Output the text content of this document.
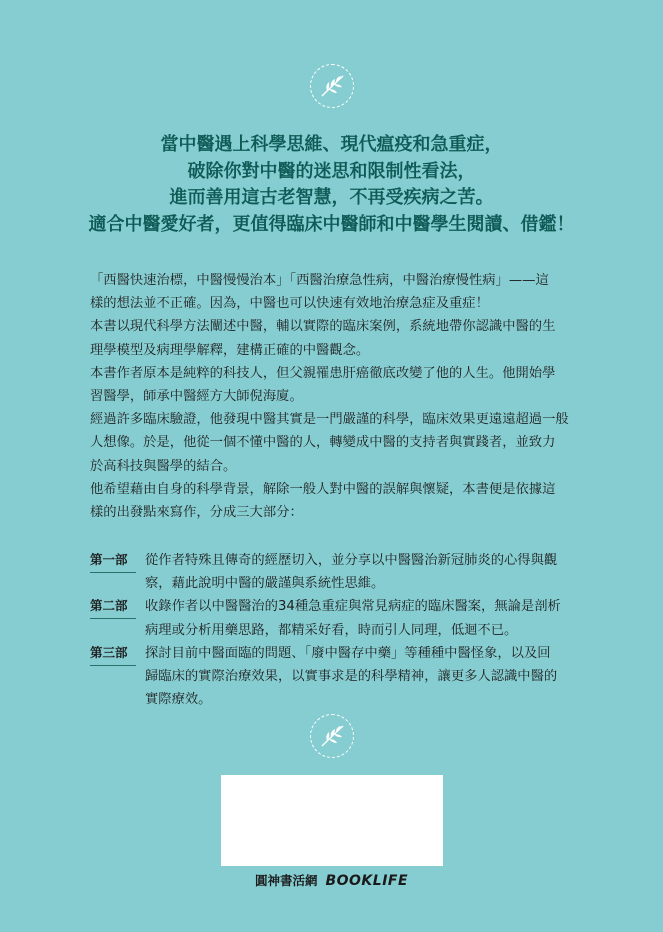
當中醫遇上科學思維、現代瘟疫和急重症，
破除你對中醫的迷思和限制性看法，
進而善用這古老智慧，不再受疾病之苦。
適合中醫愛好者，更值得臨床中醫師和中醫學生閱讀、借鑑！

「西醫快速治標，中醫慢慢治本」「西醫治療急性病，中醫治療慢性病」——這

樣的想法並不正確。因為，中醫也可以快速有效地治療急症及重症！

本書以現代科學方法闡述中醫，輔以實際的臨床案例，系統地帶你認識中醫的生

理學模型及病理學解釋，建構正確的中醫觀念。

本書作者原本是純粹的科技人，但父親罹患肝癌徹底改變了他的人生。他開始學

習醫學，師承中醫經方大師倪海廈。

經過許多臨床驗證，他發現中醫其實是一門嚴謹的科學，臨床效果更遠遠超過一般

人想像。於是，他從一個不懂中醫的人，轉變成中醫的支持者與實踐者，並致力

於高科技與醫學的結合。

他希望藉由自身的科學背景，解除一般人對中醫的誤解與懷疑，本書便是依據這

樣的出發點來寫作，分成三大部分：

第一部	從作者特殊且傳奇的經歷切入，並分享以中醫醫治新冠肺炎的心得與觀
察，藉此說明中醫的嚴謹與系統性思維。
第二部	收錄作者以中醫醫治的34種急重症與常見病症的臨床醫案，無論是剖析
病理或分析用藥思路，都精采好看，時而引人同理，低迴不已。
第三部	探討目前中醫面臨的問題、「廢中醫存中藥」等種種中醫怪象，以及回
歸臨床的實際治療效果，以實事求是的科學精神，讓更多人認識中醫的
實際療效。
圓神書活網 BOOKLIFE
